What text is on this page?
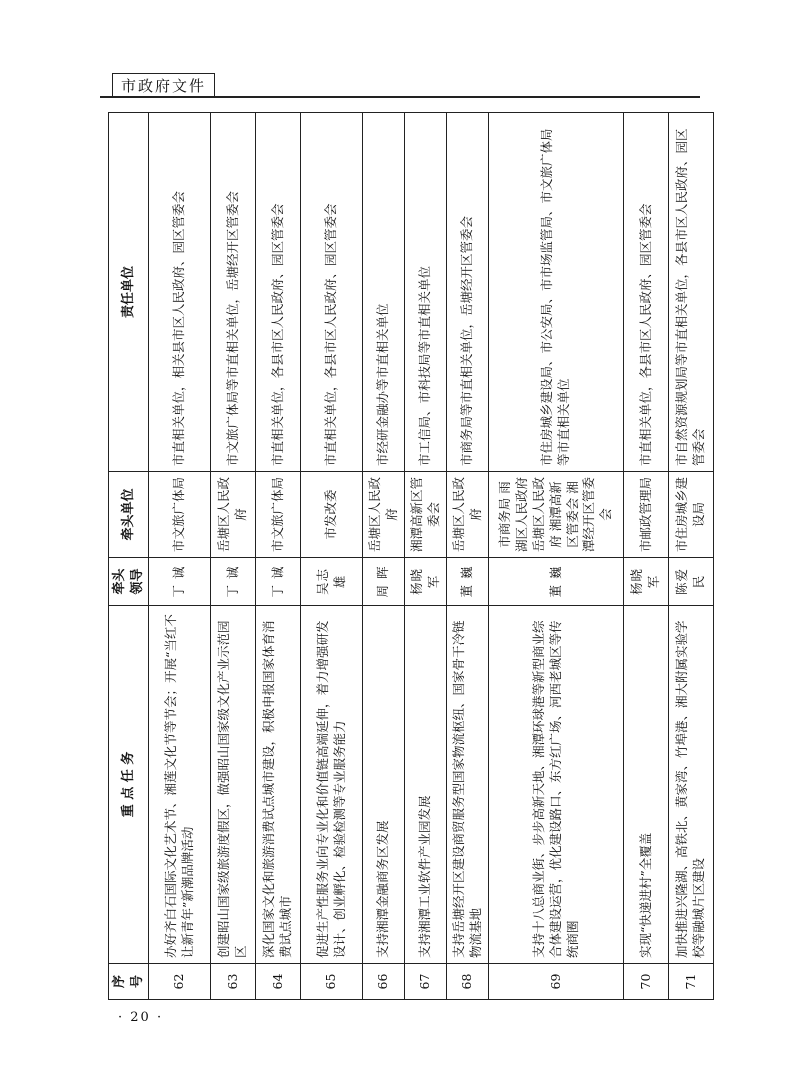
市政府文件
序号	重 点 任 务	牵头领导	牵头单位	责任单位
62	办好齐白石国际文化艺术节、湘莲文化节等节会；开展“当红不让新青年”新潮品牌活动	丁 诚	市文旅广体局	市直相关单位，相关县市区人民政府、园区管委会
63	创建昭山国家级旅游度假区，做强昭山国家级文化产业示范园区	丁 诚	岳塘区人民政府	市文旅广体局等市直相关单位，岳塘经开区管委会
64	深化国家文化和旅游消费试点城市建设，积极申报国家体育消费试点城市	丁 诚	市文旅广体局	市直相关单位，各县市区人民政府、园区管委会
65	促进生产性服务业向专业化和价值链高端延伸，着力增强研发设计、创业孵化、检验检测等专业服务能力	吴志雄	市发改委	市直相关单位，各县市区人民政府、园区管委会
66	支持湘潭金融商务区发展	周 晖	岳塘区人民政府	市经研金融办等市直相关单位
67	支持湘潭工业软件产业园发展	杨晓军	湘潭高新区管委会	市工信局、市科技局等市直相关单位
68	支持岳塘经开区建设商贸服务型国家物流枢纽、国家骨干冷链物流基地	董 巍	岳塘区人民政府	市商务局等市直相关单位，岳塘经开区管委会
69	支持十八总商业街、步步高新天地、湘潭环球港等新型商业综合体建设运营，优化建设路口、东方红广场、河西老城区等传统商圈	董 巍	市商务局 雨湖区人民政府 岳塘区人民政府 湘潭高新区管委会 湘潭经开区管委会	市住房城乡建设局、市公安局、市市场监管局、市文旅广体局等市直相关单位
70	实现“快递进村”全覆盖	杨晓军	市邮政管理局	市直相关单位，各县市区人民政府、园区管委会
71	加快推进兴隆湖、高铁北、黄家湾、竹埠港、湘大附属实验学校等融城片区建设	陈爱民	市住房城乡建设局	市自然资源规划局等市直相关单位，各县市区人民政府、园区管委会
· 20 ·
